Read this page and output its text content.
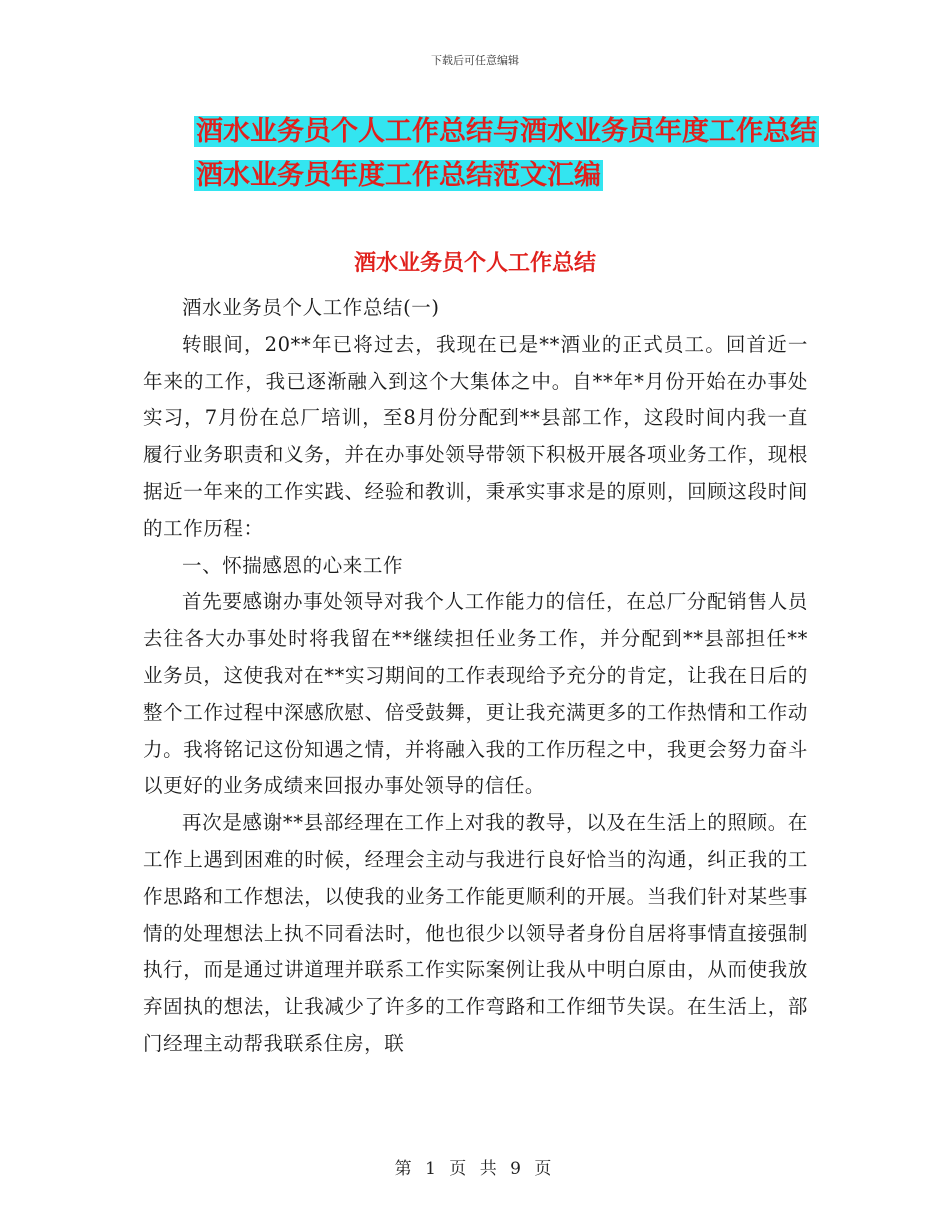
下载后可任意编辑
酒水业务员个人工作总结与酒水业务员年度工作总结
酒水业务员年度工作总结范文汇编
酒水业务员个人工作总结

酒水业务员个人工作总结(一)

转眼间，20**年已将过去，我现在已是**酒业的正式员工。回首近一年来的工作，我已逐渐融入到这个大集体之中。自**年*月份开始在办事处实习，7月份在总厂培训，至8月份分配到**县部工作，这段时间内我一直履行业务职责和义务，并在办事处领导带领下积极开展各项业务工作，现根据近一年来的工作实践、经验和教训，秉承实事求是的原则，回顾这段时间的工作历程：

一、怀揣感恩的心来工作

首先要感谢办事处领导对我个人工作能力的信任，在总厂分配销售人员去往各大办事处时将我留在**继续担任业务工作，并分配到**县部担任**业务员，这使我对在**实习期间的工作表现给予充分的肯定，让我在日后的整个工作过程中深感欣慰、倍受鼓舞，更让我充满更多的工作热情和工作动力。我将铭记这份知遇之情，并将融入我的工作历程之中，我更会努力奋斗以更好的业务成绩来回报办事处领导的信任。

再次是感谢**县部经理在工作上对我的教导，以及在生活上的照顾。在工作上遇到困难的时候，经理会主动与我进行良好恰当的沟通，纠正我的工作思路和工作想法，以使我的业务工作能更顺利的开展。当我们针对某些事情的处理想法上执不同看法时，他也很少以领导者身份自居将事情直接强制执行，而是通过讲道理并联系工作实际案例让我从中明白原由，从而使我放弃固执的想法，让我减少了许多的工作弯路和工作细节失误。在生活上，部门经理主动帮我联系住房，联

第 1 页 共 9 页
